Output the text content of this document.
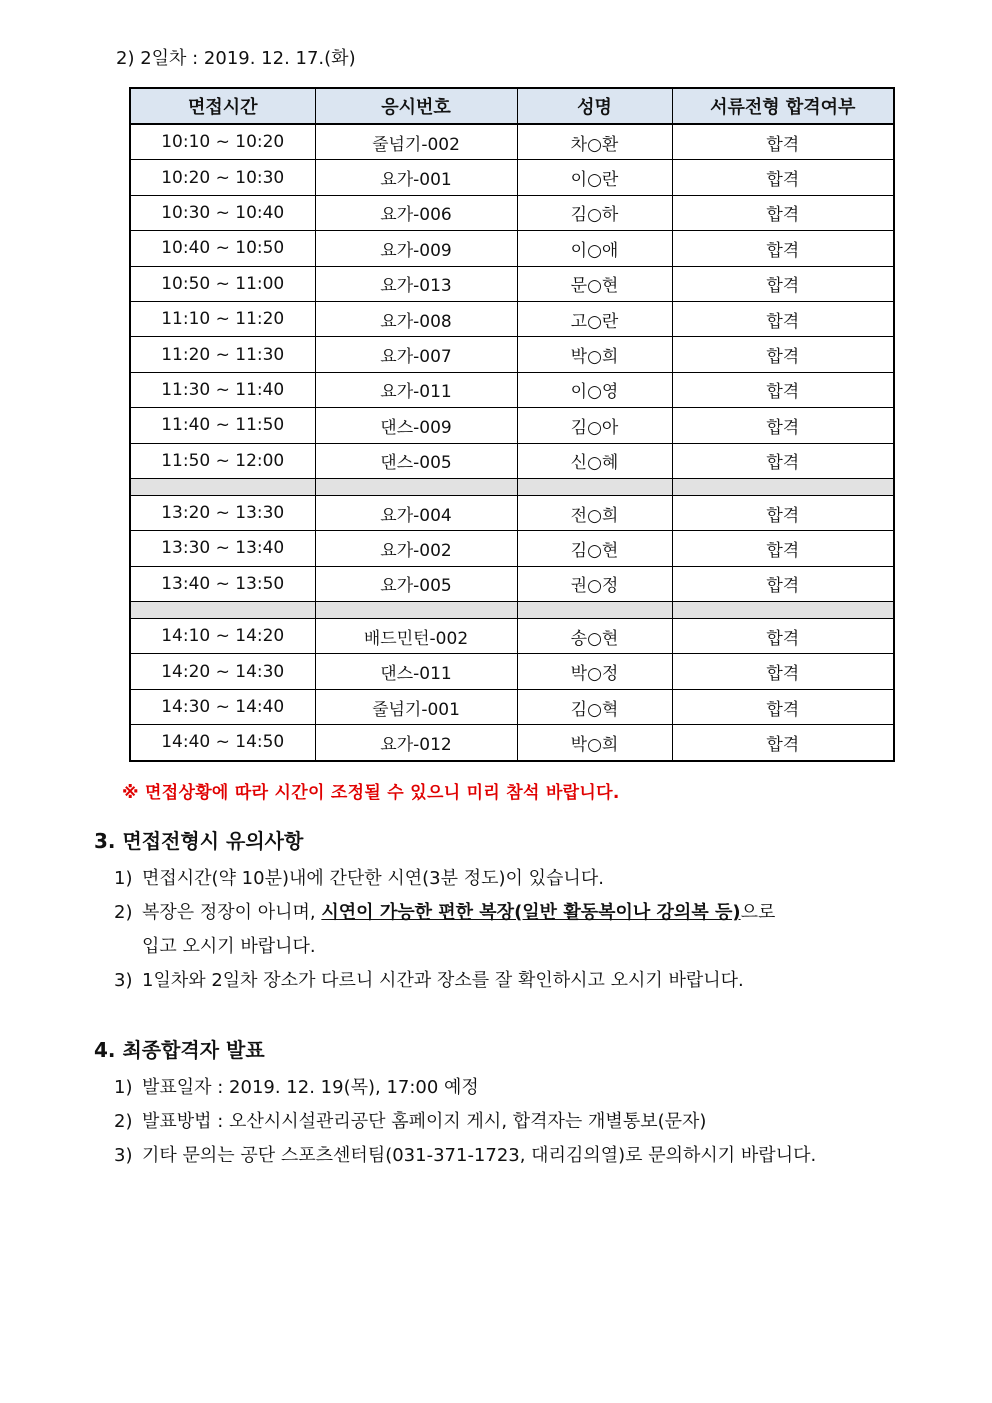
2) 2일차 : 2019. 12. 17.(화)
면접시간	응시번호	성명	서류전형 합격여부
10:10 ~ 10:20	줄넘기-002	차○환	합격
10:20 ~ 10:30	요가-001	이○란	합격
10:30 ~ 10:40	요가-006	김○하	합격
10:40 ~ 10:50	요가-009	이○애	합격
10:50 ~ 11:00	요가-013	문○현	합격
11:10 ~ 11:20	요가-008	고○란	합격
11:20 ~ 11:30	요가-007	박○희	합격
11:30 ~ 11:40	요가-011	이○영	합격
11:40 ~ 11:50	댄스-009	김○아	합격
11:50 ~ 12:00	댄스-005	신○혜	합격

13:20 ~ 13:30	요가-004	전○희	합격
13:30 ~ 13:40	요가-002	김○현	합격
13:40 ~ 13:50	요가-005	권○정	합격

14:10 ~ 14:20	배드민턴-002	송○현	합격
14:20 ~ 14:30	댄스-011	박○정	합격
14:30 ~ 14:40	줄넘기-001	김○혁	합격
14:40 ~ 14:50	요가-012	박○희	합격
※ 면접상황에 따라 시간이 조정될 수 있으니 미리 참석 바랍니다.
3. 면접전형시 유의사항
1) 면접시간(약 10분)내에 간단한 시연(3분 정도)이 있습니다.
2) 복장은 정장이 아니며, 시연이 가능한 편한 복장(일반 활동복이나 강의복 등)으로
입고 오시기 바랍니다.
3) 1일차와 2일차 장소가 다르니 시간과 장소를 잘 확인하시고 오시기 바랍니다.
4. 최종합격자 발표
1) 발표일자 : 2019. 12. 19(목), 17:00 예정
2) 발표방법 : 오산시시설관리공단 홈페이지 게시, 합격자는 개별통보(문자)
3) 기타 문의는 공단 스포츠센터팀(031-371-1723, 대리김의열)로 문의하시기 바랍니다.
